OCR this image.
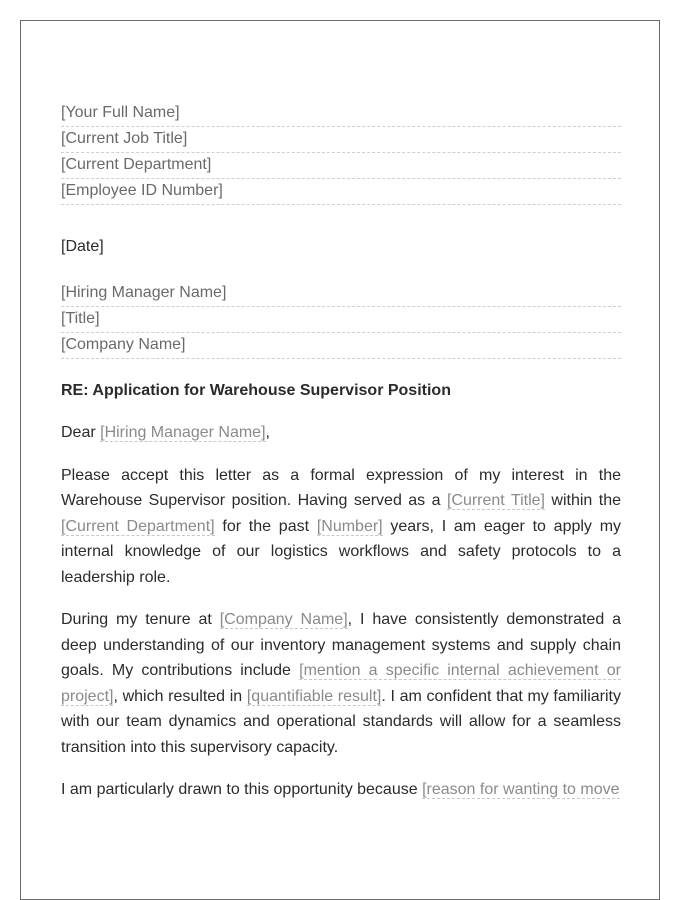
[Your Full Name]
[Current Job Title]
[Current Department]
[Employee ID Number]
[Date]
[Hiring Manager Name]
[Title]
[Company Name]
RE: Application for Warehouse Supervisor Position
Dear [Hiring Manager Name],
Please accept this letter as a formal expression of my interest in the Warehouse Supervisor position. Having served as a [Current Title] within the [Current Department] for the past [Number] years, I am eager to apply my internal knowledge of our logistics workflows and safety protocols to a leadership role.
During my tenure at [Company Name], I have consistently demonstrated a deep understanding of our inventory management systems and supply chain goals. My contributions include [mention a specific internal achievement or project], which resulted in [quantifiable result]. I am confident that my familiarity with our team dynamics and operational standards will allow for a seamless transition into this supervisory capacity.
I am particularly drawn to this opportunity because [reason for wanting to move
